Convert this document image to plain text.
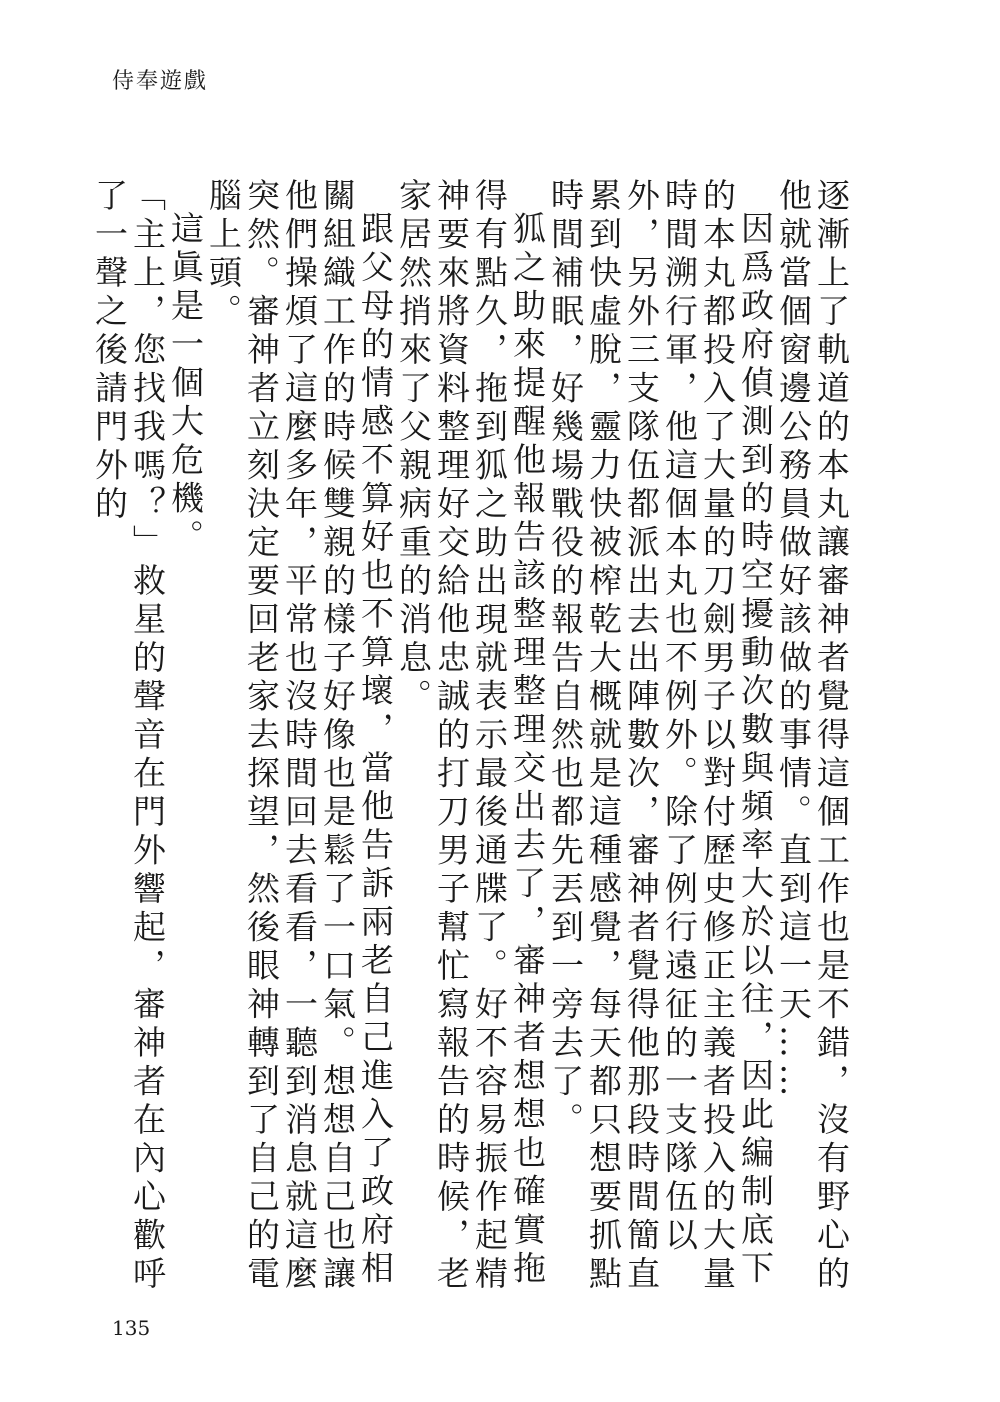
侍奉遊戲

逐漸上了軌道的本丸讓審神者覺得這個工作也是不錯，沒有野心的他就當個窗邊公務員做好該做的事情。直到這一天……

因爲政府偵測到的時空擾動次數與頻率大於以往，因此編制底下的本丸都投入了大量的刀劍男子以對付歷史修正主義者投入的大量時間溯行軍，他這個本丸也不例外。除了例行遠征的一支隊伍以外，另外三支隊伍都派出去出陣數次，審神者覺得他那段時間簡直累到快虛脫，靈力快被榨乾大概就是這種感覺，每天都只想要抓點時間補眠，好幾場戰役的報告自然也都先丟到一旁去了。

狐之助來提醒他報告該整理整理交出去了，審神者想想也確實拖得有點久，拖到狐之助出現就表示最後通牒了。好不容易振作起精神要來將資料整理好交給他忠誠的打刀男子幫忙寫報告的時候，老家居然捎來了父親病重的消息。

跟父母的情感不算好也不算壞，當他告訴兩老自己進入了政府相關組織工作的時候雙親的樣子好像也是鬆了一口氣。想想自己也讓他們操煩了這麼多年，平常也沒時間回去看看，一聽到消息就這麼突然。審神者立刻決定要回老家去探望，然後眼神轉到了自己的電腦上頭。

這眞是一個大危機。

「主上，您找我嗎？」救星的聲音在門外響起，審神者在內心歡呼了一聲之後請門外的

135
